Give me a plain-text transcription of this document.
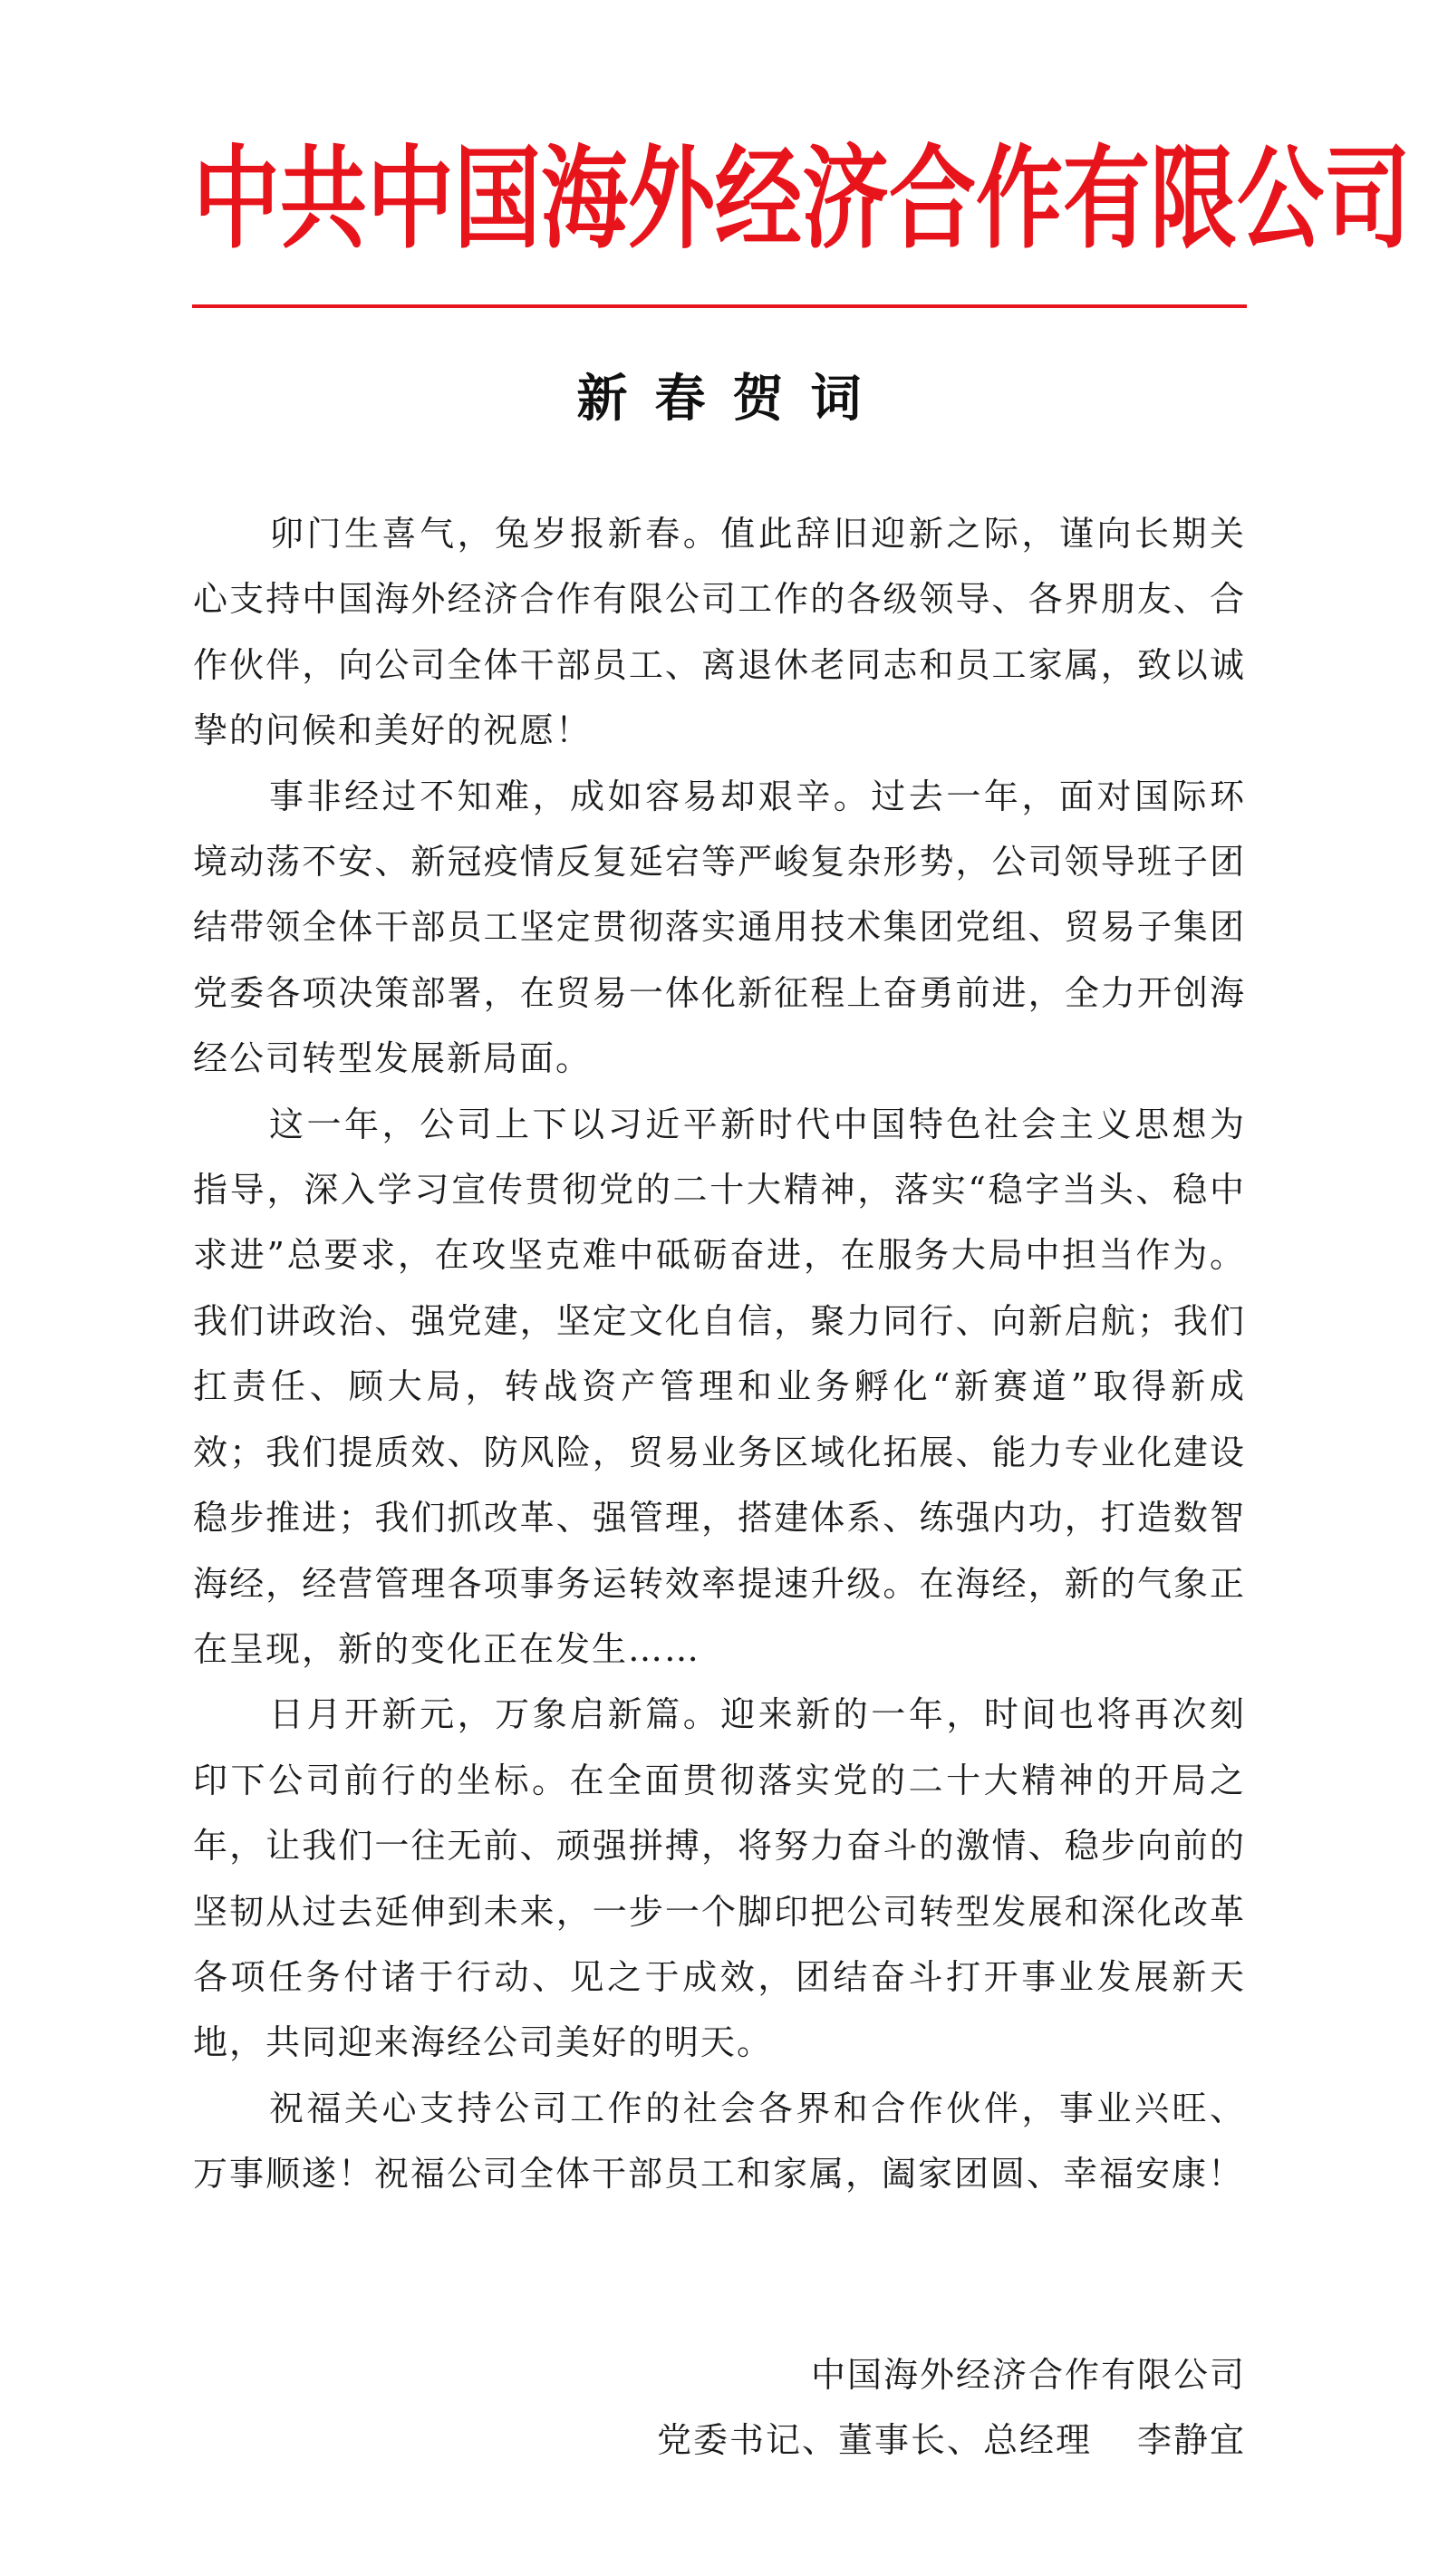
中共中国海外经济合作有限公司
新春贺词

卯门生喜气，兔岁报新春。值此辞旧迎新之际，谨向长期关心支持中国海外经济合作有限公司工作的各级领导、各界朋友、合作伙伴，向公司全体干部员工、离退休老同志和员工家属，致以诚挚的问候和美好的祝愿！

事非经过不知难，成如容易却艰辛。过去一年，面对国际环境动荡不安、新冠疫情反复延宕等严峻复杂形势，公司领导班子团结带领全体干部员工坚定贯彻落实通用技术集团党组、贸易子集团党委各项决策部署，在贸易一体化新征程上奋勇前进，全力开创海经公司转型发展新局面。

这一年，公司上下以习近平新时代中国特色社会主义思想为指导，深入学习宣传贯彻党的二十大精神，落实“稳字当头、稳中求进”总要求，在攻坚克难中砥砺奋进，在服务大局中担当作为。我们讲政治、强党建，坚定文化自信，聚力同行、向新启航；我们扛责任、顾大局，转战资产管理和业务孵化“新赛道”取得新成效；我们提质效、防风险，贸易业务区域化拓展、能力专业化建设稳步推进；我们抓改革、强管理，搭建体系、练强内功，打造数智海经，经营管理各项事务运转效率提速升级。在海经，新的气象正在呈现，新的变化正在发生……

日月开新元，万象启新篇。迎来新的一年，时间也将再次刻印下公司前行的坐标。在全面贯彻落实党的二十大精神的开局之年，让我们一往无前、顽强拼搏，将努力奋斗的激情、稳步向前的坚韧从过去延伸到未来，一步一个脚印把公司转型发展和深化改革各项任务付诸于行动、见之于成效，团结奋斗打开事业发展新天地，共同迎来海经公司美好的明天。

祝福关心支持公司工作的社会各界和合作伙伴，事业兴旺、万事顺遂！祝福公司全体干部员工和家属，阖家团圆、幸福安康！

中国海外经济合作有限公司
党委书记、董事长、总经理 李静宜
